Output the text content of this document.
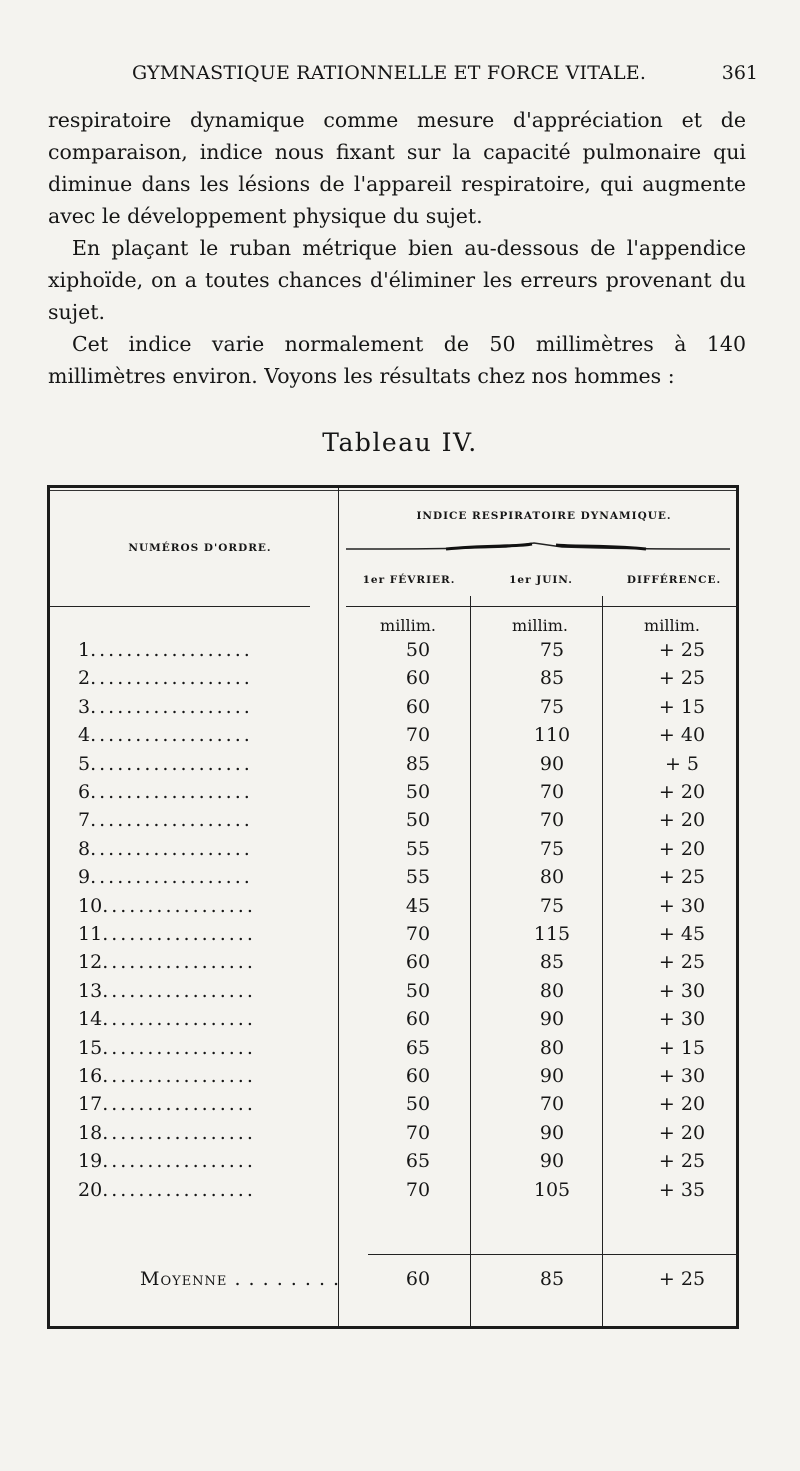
GYMNASTIQUE RATIONNELLE ET FORCE VITALE.	361

respiratoire dynamique comme mesure d'appréciation et de comparaison, indice nous fixant sur la capacité pulmonaire qui diminue dans les lésions de l'appareil respiratoire, qui augmente avec le développement physique du sujet.

En plaçant le ruban métrique bien au-dessous de l'appendice xiphoïde, on a toutes chances d'éliminer les erreurs provenant du sujet.

Cet indice varie normalement de 50 millimètres à 140 millimètres environ. Voyons les résultats chez nos hommes :

Tableau IV.
NUMÉROS D'ORDRE.
INDICE RESPIRATOIRE DYNAMIQUE.
1er FÉVRIER.	1er JUIN.	DIFFÉRENCE.
millim.	millim.	millim.
1..................	50	75	+ 25
2..................	60	85	+ 25
3..................	60	75	+ 15
4..................	70	110	+ 40
5..................	85	90	+ 5
6..................	50	70	+ 20
7..................	50	70	+ 20
8..................	55	75	+ 20
9..................	55	80	+ 25
10.................	45	75	+ 30
11.................	70	115	+ 45
12.................	60	85	+ 25
13.................	50	80	+ 30
14.................	60	90	+ 30
15.................	65	80	+ 15
16.................	60	90	+ 30
17.................	50	70	+ 20
18.................	70	90	+ 20
19.................	65	90	+ 25
20.................	70	105	+ 35
Moyenne . . . . . . . .	60	85	+ 25
